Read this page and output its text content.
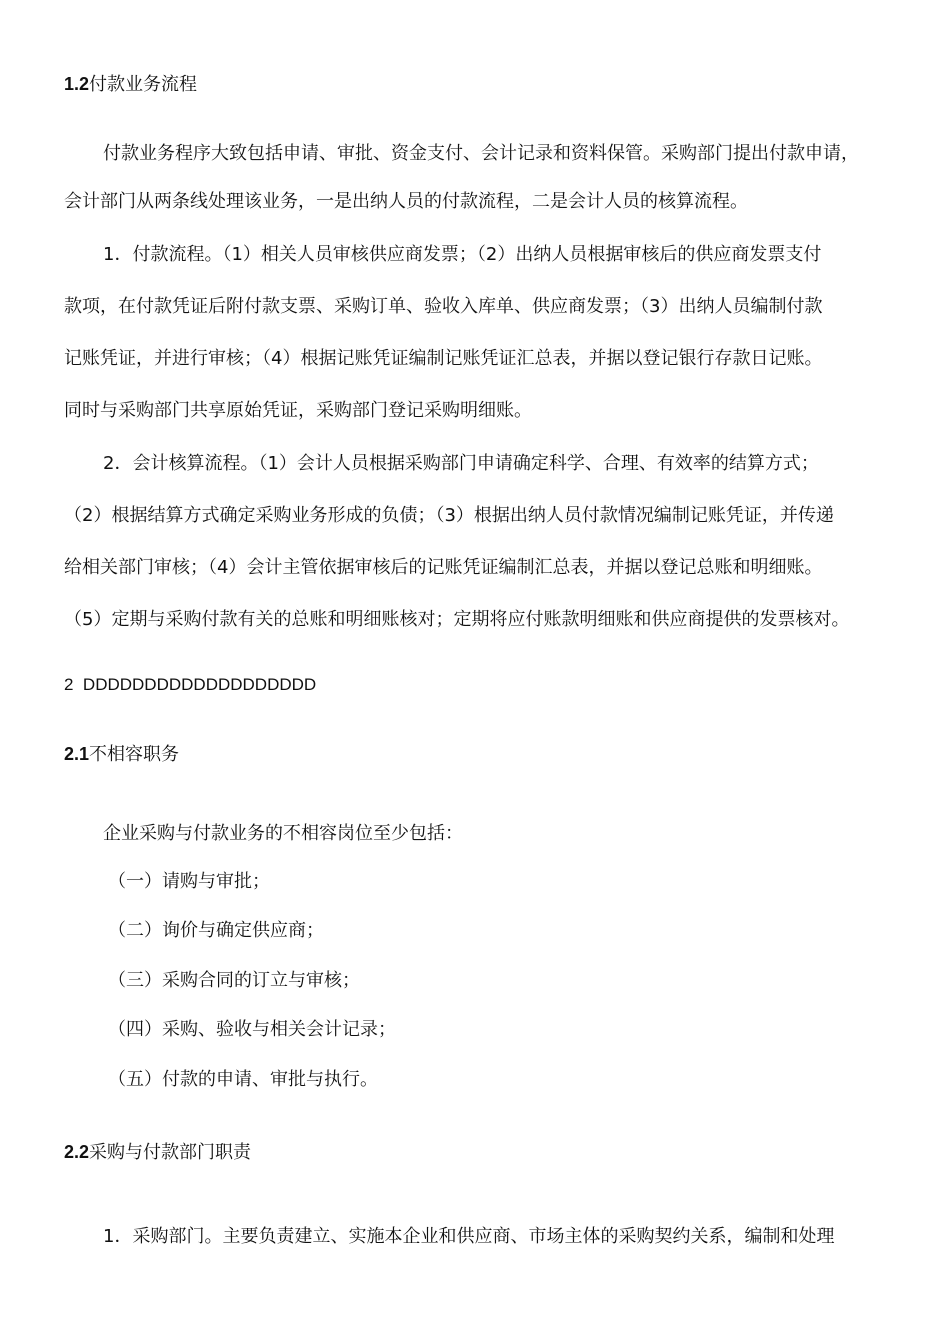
1.2付款业务流程
付款业务程序大致包括申请、审批、资金支付、会计记录和资料保管。采购部门提出付款申请，
会计部门从两条线处理该业务，一是出纳人员的付款流程，二是会计人员的核算流程。
1．付款流程。（1）相关人员审核供应商发票；（2）出纳人员根据审核后的供应商发票支付
款项，在付款凭证后附付款支票、采购订单、验收入库单、供应商发票；（3）出纳人员编制付款
记账凭证，并进行审核；（4）根据记账凭证编制记账凭证汇总表，并据以登记银行存款日记账。
同时与采购部门共享原始凭证，采购部门登记采购明细账。
2．会计核算流程。（1）会计人员根据采购部门申请确定科学、合理、有效率的结算方式；
（2）根据结算方式确定采购业务形成的负债；（3）根据出纳人员付款情况编制记账凭证，并传递
给相关部门审核；（4）会计主管依据审核后的记账凭证编制汇总表，并据以登记总账和明细账。
（5）定期与采购付款有关的总账和明细账核对；定期将应付账款明细账和供应商提供的发票核对。
2 DDDDDDDDDDDDDDDDDDD
2.1不相容职务
企业采购与付款业务的不相容岗位至少包括：
（一）请购与审批；
（二）询价与确定供应商；
（三）采购合同的订立与审核；
（四）采购、验收与相关会计记录；
（五）付款的申请、审批与执行。
2.2采购与付款部门职责
1．采购部门。主要负责建立、实施本企业和供应商、市场主体的采购契约关系，编制和处理
